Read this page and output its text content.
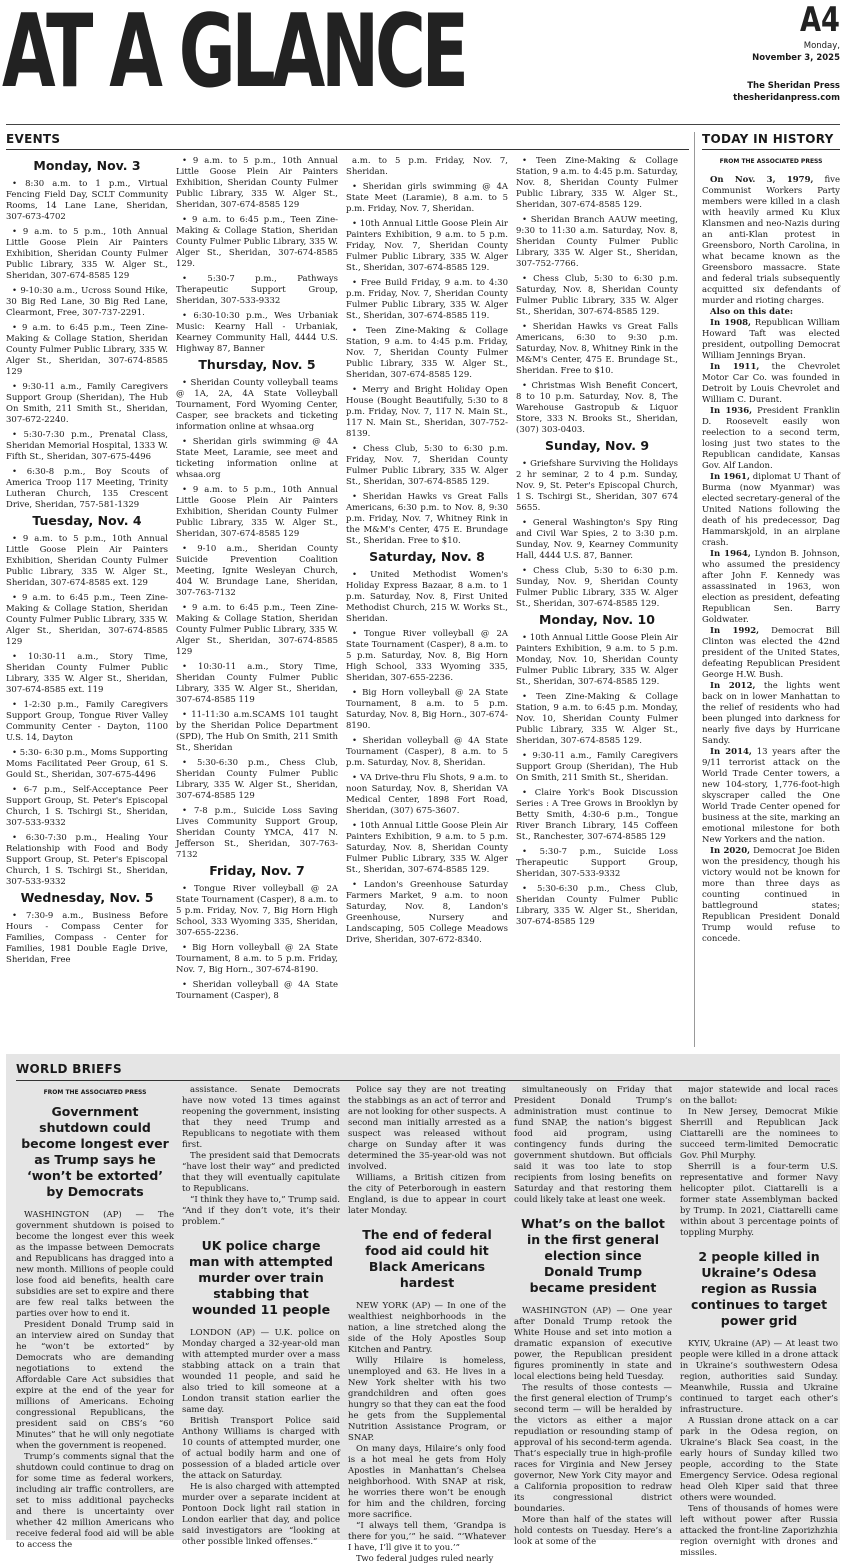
AT A GLANCE	A4
Monday,
November 3, 2025
The Sheridan Press
thesheridanpress.com
EVENTS
Monday, Nov. 3

• 8:30 a.m. to 1 p.m., Virtual Fencing Field Day, SCLT Community Rooms, 14 Lane Lane, Sheridan, 307-673-4702

• 9 a.m. to 5 p.m., 10th Annual Little Goose Plein Air Painters Exhibition, Sheridan County Fulmer Public Library, 335 W. Alger St., Sheridan, 307-674-8585 129

• 9-10:30 a.m., Ucross Sound Hike, 30 Big Red Lane, 30 Big Red Lane, Clearmont, Free, 307-737-2291.

• 9 a.m. to 6:45 p.m., Teen Zine-Making & Collage Station, Sheridan County Fulmer Public Library, 335 W. Alger St., Sheridan, 307-674-8585 129

• 9:30-11 a.m., Family Caregivers Support Group (Sheridan), The Hub On Smith, 211 Smith St., Sheridan, 307-672-2240.

• 5:30-7:30 p.m., Prenatal Class, Sheridan Memorial Hospital, 1333 W. Fifth St., Sheridan, 307-675-4496

• 6:30-8 p.m., Boy Scouts of America Troop 117 Meeting, Trinity Lutheran Church, 135 Crescent Drive, Sheridan, 757-581-1329

Tuesday, Nov. 4

• 9 a.m. to 5 p.m., 10th Annual Little Goose Plein Air Painters Exhibition, Sheridan County Fulmer Public Library, 335 W. Alger St., Sheridan, 307-674-8585 ext. 129

• 9 a.m. to 6:45 p.m., Teen Zine-Making & Collage Station, Sheridan County Fulmer Public Library, 335 W. Alger St., Sheridan, 307-674-8585 129

• 10:30-11 a.m., Story Time, Sheridan County Fulmer Public Library, 335 W. Alger St., Sheridan, 307-674-8585 ext. 119

• 1-2:30 p.m., Family Caregivers Support Group, Tongue River Valley Community Center - Dayton, 1100 U.S. 14, Dayton

• 5:30- 6:30 p.m., Moms Supporting Moms Facilitated Peer Group, 61 S. Gould St., Sheridan, 307-675-4496

• 6-7 p.m., Self-Acceptance Peer Support Group, St. Peter's Episcopal Church, 1 S. Tschirgi St., Sheridan, 307-533-9332

• 6:30-7:30 p.m., Healing Your Relationship with Food and Body Support Group, St. Peter's Episcopal Church, 1 S. Tschirgi St., Sheridan, 307-533-9332

Wednesday, Nov. 5

• 7:30-9 a.m., Business Before Hours - Compass Center for Families, Compass - Center for Families, 1981 Double Eagle Drive, Sheridan, Free

• 9 a.m. to 5 p.m., 10th Annual Little Goose Plein Air Painters Exhibition, Sheridan County Fulmer Public Library, 335 W. Alger St., Sheridan, 307-674-8585 129

• 9 a.m. to 6:45 p.m., Teen Zine-Making & Collage Station, Sheridan County Fulmer Public Library, 335 W. Alger St., Sheridan, 307-674-8585 129.

• 5:30-7 p.m., Pathways Therapeutic Support Group, Sheridan, 307-533-9332

• 6:30-10:30 p.m., Wes Urbaniak Music: Kearny Hall - Urbaniak, Kearney Community Hall, 4444 U.S. Highway 87, Banner

Thursday, Nov. 5

• Sheridan County volleyball teams @ 1A, 2A, 4A State Volleyball Tournament, Ford Wyoming Center, Casper, see brackets and ticketing information online at whsaa.org

• Sheridan girls swimming @ 4A State Meet, Laramie, see meet and ticketing information online at whsaa.org

• 9 a.m. to 5 p.m., 10th Annual Little Goose Plein Air Painters Exhibition, Sheridan County Fulmer Public Library, 335 W. Alger St., Sheridan, 307-674-8585 129

• 9-10 a.m., Sheridan County Suicide Prevention Coalition Meeting, Ignite Wesleyan Church, 404 W. Brundage Lane, Sheridan, 307-763-7132

• 9 a.m. to 6:45 p.m., Teen Zine-Making & Collage Station, Sheridan County Fulmer Public Library, 335 W. Alger St., Sheridan, 307-674-8585 129

• 10:30-11 a.m., Story Time, Sheridan County Fulmer Public Library, 335 W. Alger St., Sheridan, 307-674-8585 119

• 11-11:30 a.m.SCAMS 101 taught by the Sheridan Police Department (SPD), The Hub On Smith, 211 Smith St., Sheridan

• 5:30-6:30 p.m., Chess Club, Sheridan County Fulmer Public Library, 335 W. Alger St., Sheridan, 307-674-8585 129

• 7-8 p.m., Suicide Loss Saving Lives Community Support Group, Sheridan County YMCA, 417 N. Jefferson St., Sheridan, 307-763-7132

Friday, Nov. 7

• Tongue River volleyball @ 2A State Tournament (Casper), 8 a.m. to 5 p.m. Friday, Nov. 7, Big Horn High School, 333 Wyoming 335, Sheridan, 307-655-2236.

• Big Horn volleyball @ 2A State Tournament, 8 a.m. to 5 p.m. Friday, Nov. 7, Big Horn., 307-674-8190.

• Sheridan volleyball @ 4A State Tournament (Casper), 8

a.m. to 5 p.m. Friday, Nov. 7, Sheridan.

• Sheridan girls swimming @ 4A State Meet (Laramie), 8 a.m. to 5 p.m. Friday, Nov. 7, Sheridan.

• 10th Annual Little Goose Plein Air Painters Exhibition, 9 a.m. to 5 p.m. Friday, Nov. 7, Sheridan County Fulmer Public Library, 335 W. Alger St., Sheridan, 307-674-8585 129.

• Free Build Friday, 9 a.m. to 4:30 p.m. Friday, Nov. 7, Sheridan County Fulmer Public Library, 335 W. Alger St., Sheridan, 307-674-8585 119.

• Teen Zine-Making & Collage Station, 9 a.m. to 4:45 p.m. Friday, Nov. 7, Sheridan County Fulmer Public Library, 335 W. Alger St., Sheridan, 307-674-8585 129.

• Merry and Bright Holiday Open House (Bought Beautifully, 5:30 to 8 p.m. Friday, Nov. 7, 117 N. Main St., 117 N. Main St., Sheridan, 307-752-8139.

• Chess Club, 5:30 to 6:30 p.m. Friday, Nov. 7, Sheridan County Fulmer Public Library, 335 W. Alger St., Sheridan, 307-674-8585 129.

• Sheridan Hawks vs Great Falls Americans, 6:30 p.m. to Nov. 8, 9:30 p.m. Friday, Nov. 7, Whitney Rink in the M&M's Center, 475 E. Brundage St., Sheridan. Free to $10.

Saturday, Nov. 8

• United Methodist Women's Holiday Express Bazaar, 8 a.m. to 1 p.m. Saturday, Nov. 8, First United Methodist Church, 215 W. Works St., Sheridan.

• Tongue River volleyball @ 2A State Tournament (Casper), 8 a.m. to 5 p.m. Saturday, Nov. 8, Big Horn High School, 333 Wyoming 335, Sheridan, 307-655-2236.

• Big Horn volleyball @ 2A State Tournament, 8 a.m. to 5 p.m. Saturday, Nov. 8, Big Horn., 307-674-8190.

• Sheridan volleyball @ 4A State Tournament (Casper), 8 a.m. to 5 p.m. Saturday, Nov. 8, Sheridan.

• VA Drive-thru Flu Shots, 9 a.m. to noon Saturday, Nov. 8, Sheridan VA Medical Center, 1898 Fort Road, Sheridan, (307) 675-3607.

• 10th Annual Little Goose Plein Air Painters Exhibition, 9 a.m. to 5 p.m. Saturday, Nov. 8, Sheridan County Fulmer Public Library, 335 W. Alger St., Sheridan, 307-674-8585 129.

• Landon's Greenhouse Saturday Farmers Market, 9 a.m. to noon Saturday, Nov. 8, Landon's Greenhouse, Nursery and Landscaping, 505 College Meadows Drive, Sheridan, 307-672-8340.

• Teen Zine-Making & Collage Station, 9 a.m. to 4:45 p.m. Saturday, Nov. 8, Sheridan County Fulmer Public Library, 335 W. Alger St., Sheridan, 307-674-8585 129.

• Sheridan Branch AAUW meeting, 9:30 to 11:30 a.m. Saturday, Nov. 8, Sheridan County Fulmer Public Library, 335 W. Alger St., Sheridan, 307-752-7766.

• Chess Club, 5:30 to 6:30 p.m. Saturday, Nov. 8, Sheridan County Fulmer Public Library, 335 W. Alger St., Sheridan, 307-674-8585 129.

• Sheridan Hawks vs Great Falls Americans, 6:30 to 9:30 p.m. Saturday, Nov. 8, Whitney Rink in the M&M's Center, 475 E. Brundage St., Sheridan. Free to $10.

• Christmas Wish Benefit Concert, 8 to 10 p.m. Saturday, Nov. 8, The Warehouse Gastropub & Liquor Store, 333 N. Brooks St., Sheridan, (307) 303-0403.

Sunday, Nov. 9

• Griefshare Surviving the Holidays 2 hr seminar, 2 to 4 p.m. Sunday, Nov. 9, St. Peter's Episcopal Church, 1 S. Tschirgi St., Sheridan, 307 674 5655.

• General Washington's Spy Ring and Civil War Spies, 2 to 3:30 p.m. Sunday, Nov. 9, Kearney Community Hall, 4444 U.S. 87, Banner.

• Chess Club, 5:30 to 6:30 p.m. Sunday, Nov. 9, Sheridan County Fulmer Public Library, 335 W. Alger St., Sheridan, 307-674-8585 129.

Monday, Nov. 10

• 10th Annual Little Goose Plein Air Painters Exhibition, 9 a.m. to 5 p.m. Monday, Nov. 10, Sheridan County Fulmer Public Library, 335 W. Alger St., Sheridan, 307-674-8585 129.

• Teen Zine-Making & Collage Station, 9 a.m. to 6:45 p.m. Monday, Nov. 10, Sheridan County Fulmer Public Library, 335 W. Alger St., Sheridan, 307-674-8585 129.

• 9:30-11 a.m., Family Caregivers Support Group (Sheridan), The Hub On Smith, 211 Smith St., Sheridan.

• Claire York's Book Discussion Series : A Tree Grows in Brooklyn by Betty Smith, 4:30-6 p.m., Tongue River Branch Library, 145 Coffeen St., Ranchester, 307-674-8585 129

• 5:30-7 p.m., Suicide Loss Therapeutic Support Group, Sheridan, 307-533-9332

• 5:30-6:30 p.m., Chess Club, Sheridan County Fulmer Public Library, 335 W. Alger St., Sheridan, 307-674-8585 129

TODAY IN HISTORY
FROM THE ASSOCIATED PRESS

On Nov. 3, 1979, five Communist Workers Party members were killed in a clash with heavily armed Ku Klux Klansmen and neo-Nazis during an anti-Klan protest in Greensboro, North Carolina, in what became known as the Greensboro massacre. State and federal trials subsequently acquitted six defendants of murder and rioting charges.

Also on this date:

In 1908, Republican William Howard Taft was elected president, outpolling Democrat William Jennings Bryan.

In 1911, the Chevrolet Motor Car Co. was founded in Detroit by Louis Chevrolet and William C. Durant.

In 1936, President Franklin D. Roosevelt easily won reelection to a second term, losing just two states to the Republican candidate, Kansas Gov. Alf Landon.

In 1961, diplomat U Thant of Burma (now Myanmar) was elected secretary-general of the United Nations following the death of his predecessor, Dag Hammarskjold, in an airplane crash.

In 1964, Lyndon B. Johnson, who assumed the presidency after John F. Kennedy was assassinated in 1963, won election as president, defeating Republican Sen. Barry Goldwater.

In 1992, Democrat Bill Clinton was elected the 42nd president of the United States, defeating Republican President George H.W. Bush.

In 2012, the lights went back on in lower Manhattan to the relief of residents who had been plunged into darkness for nearly five days by Hurricane Sandy.

In 2014, 13 years after the 9/11 terrorist attack on the World Trade Center towers, a new 104-story, 1,776-foot-high skyscraper called the One World Trade Center opened for business at the site, marking an emotional milestone for both New Yorkers and the nation.

In 2020, Democrat Joe Biden won the presidency, though his victory would not be known for more than three days as counting continued in battleground states; Republican President Donald Trump would refuse to concede.

WORLD BRIEFS
FROM THE ASSOCIATED PRESS
Government shutdown could become longest ever as Trump says he ‘won’t be extorted’ by Democrats

WASHINGTON (AP) — The government shutdown is poised to become the longest ever this week as the impasse between Democrats and Republicans has dragged into a new month. Millions of people could lose food aid benefits, health care subsidies are set to expire and there are few real talks between the parties over how to end it.

President Donald Trump said in an interview aired on Sunday that he “won’t be extorted” by Democrats who are demanding negotiations to extend the Affordable Care Act subsidies that expire at the end of the year for millions of Americans. Echoing congressional Republicans, the president said on CBS’s “60 Minutes” that he will only negotiate when the government is reopened.

Trump’s comments signal that the shutdown could continue to drag on for some time as federal workers, including air traffic controllers, are set to miss additional paychecks and there is uncertainty over whether 42 million Americans who receive federal food aid will be able to access the

assistance. Senate Democrats have now voted 13 times against reopening the government, insisting that they need Trump and Republicans to negotiate with them first.

The president said that Democrats “have lost their way” and predicted that they will eventually capitulate to Republicans.

“I think they have to,” Trump said. “And if they don’t vote, it’s their problem.”

UK police charge man with attempted murder over train stabbing that wounded 11 people

LONDON (AP) — U.K. police on Monday charged a 32-year-old man with attempted murder over a mass stabbing attack on a train that wounded 11 people, and said he also tried to kill someone at a London transit station earlier the same day.

British Transport Police said Anthony Williams is charged with 10 counts of attempted murder, one of actual bodily harm and one of possession of a bladed article over the attack on Saturday.

He is also charged with attempted murder over a separate incident at Pontoon Dock light rail station in London earlier that day, and police said investigators are “looking at other possible linked offenses.”

Police say they are not treating the stabbings as an act of terror and are not looking for other suspects. A second man initially arrested as a suspect was released without charge on Sunday after it was determined the 35-year-old was not involved.

Williams, a British citizen from the city of Peterborough in eastern England, is due to appear in court later Monday.

The end of federal food aid could hit Black Americans hardest

NEW YORK (AP) — In one of the wealthiest neighborhoods in the nation, a line stretched along the side of the Holy Apostles Soup Kitchen and Pantry.

Willy Hilaire is homeless, unemployed and 63. He lives in a New York shelter with his two grandchildren and often goes hungry so that they can eat the food he gets from the Supplemental Nutrition Assistance Program, or SNAP.

On many days, Hilaire’s only food is a hot meal he gets from Holy Apostles in Manhattan’s Chelsea neighborhood. With SNAP at risk, he worries there won’t be enough for him and the children, forcing more sacrifice.

“I always tell them, ‘Grandpa is there for you,’” he said. “‘Whatever I have, I’ll give it to you.’”

Two federal judges ruled nearly

simultaneously on Friday that President Donald Trump’s administration must continue to fund SNAP, the nation’s biggest food aid program, using contingency funds during the government shutdown. But officials said it was too late to stop recipients from losing benefits on Saturday and that restoring them could likely take at least one week.

What’s on the ballot in the first general election since Donald Trump became president

WASHINGTON (AP) — One year after Donald Trump retook the White House and set into motion a dramatic expansion of executive power, the Republican president figures prominently in state and local elections being held Tuesday.

The results of those contests — the first general election of Trump’s second term — will be heralded by the victors as either a major repudiation or resounding stamp of approval of his second-term agenda. That’s especially true in high-profile races for Virginia and New Jersey governor, New York City mayor and a California proposition to redraw its congressional district boundaries.

More than half of the states will hold contests on Tuesday. Here’s a look at some of the

major statewide and local races on the ballot:

In New Jersey, Democrat Mikie Sherrill and Republican Jack Ciattarelli are the nominees to succeed term-limited Democratic Gov. Phil Murphy.

Sherrill is a four-term U.S. representative and former Navy helicopter pilot. Ciattarelli is a former state Assemblyman backed by Trump. In 2021, Ciattarelli came within about 3 percentage points of toppling Murphy.

2 people killed in Ukraine’s Odesa region as Russia continues to target power grid

KYIV, Ukraine (AP) — At least two people were killed in a drone attack in Ukraine’s southwestern Odesa region, authorities said Sunday. Meanwhile, Russia and Ukraine continued to target each other’s infrastructure.

A Russian drone attack on a car park in the Odesa region, on Ukraine’s Black Sea coast, in the early hours of Sunday killed two people, according to the State Emergency Service. Odesa regional head Oleh Kiper said that three others were wounded.

Tens of thousands of homes were left without power after Russia attacked the front-line Zaporizhzhia region overnight with drones and missiles.
